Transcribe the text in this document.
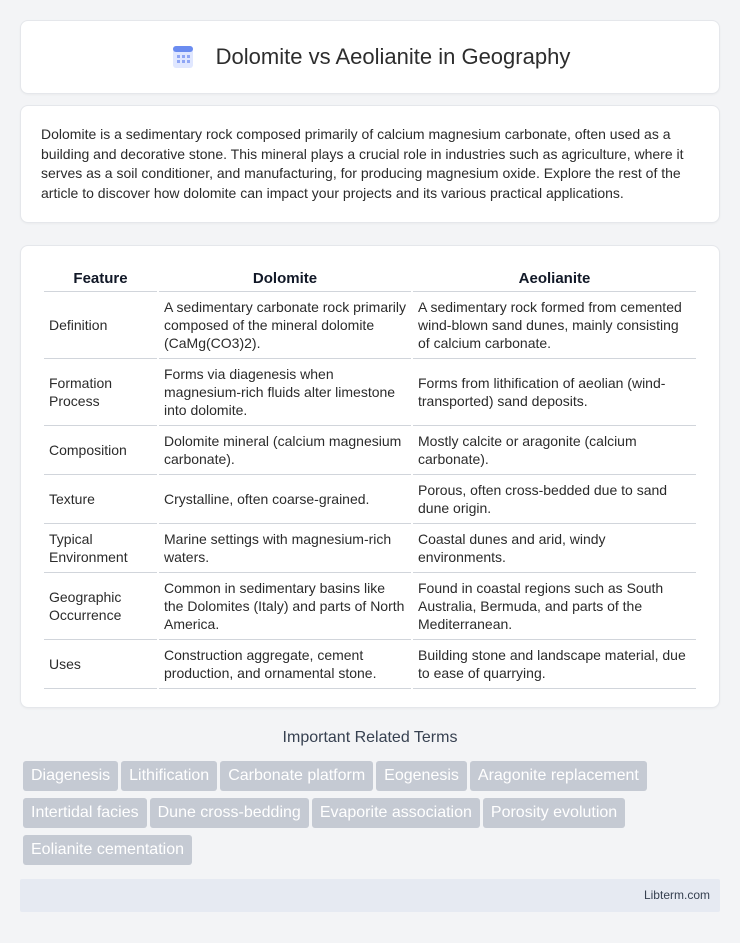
Dolomite vs Aeolianite in Geography

Dolomite is a sedimentary rock composed primarily of calcium magnesium carbonate, often used as a building and decorative stone. This mineral plays a crucial role in industries such as agriculture, where it serves as a soil conditioner, and manufacturing, for producing magnesium oxide. Explore the rest of the article to discover how dolomite can impact your projects and its various practical applications.

Feature	Dolomite	Aeolianite
Definition	A sedimentary carbonate rock primarily composed of the mineral dolomite (CaMg(CO3)2).	A sedimentary rock formed from cemented wind-blown sand dunes, mainly consisting of calcium carbonate.
Formation Process	Forms via diagenesis when magnesium-rich fluids alter limestone into dolomite.	Forms from lithification of aeolian (wind-transported) sand deposits.
Composition	Dolomite mineral (calcium magnesium carbonate).	Mostly calcite or aragonite (calcium carbonate).
Texture	Crystalline, often coarse-grained.	Porous, often cross-bedded due to sand dune origin.
Typical Environment	Marine settings with magnesium-rich waters.	Coastal dunes and arid, windy environments.
Geographic Occurrence	Common in sedimentary basins like the Dolomites (Italy) and parts of North America.	Found in coastal regions such as South Australia, Bermuda, and parts of the Mediterranean.
Uses	Construction aggregate, cement production, and ornamental stone.	Building stone and landscape material, due to ease of quarrying.
Important Related Terms
Diagenesis Lithification Carbonate platform Eogenesis Aragonite replacement
Intertidal facies Dune cross-bedding Evaporite association Porosity evolution
Eolianite cementation
Libterm.com
